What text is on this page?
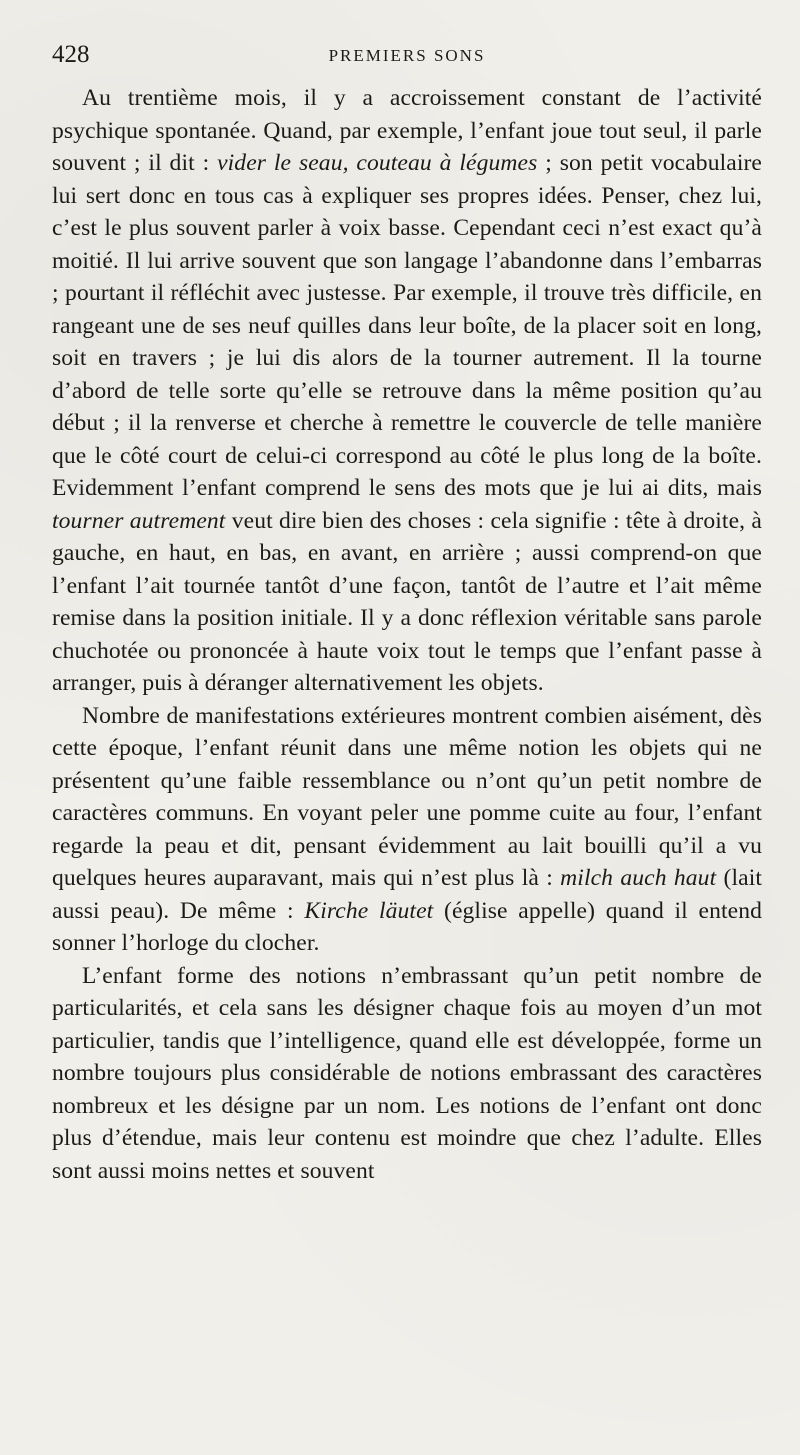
428	PREMIERS SONS

Au trentième mois, il y a accroissement constant de l’activité psychique spontanée. Quand, par exemple, l’enfant joue tout seul, il parle souvent ; il dit : vider le seau, couteau à légumes ; son petit vocabulaire lui sert donc en tous cas à expliquer ses propres idées. Penser, chez lui, c’est le plus souvent parler à voix basse. Cependant ceci n’est exact qu’à moitié. Il lui arrive souvent que son langage l’abandonne dans l’embarras ; pourtant il réfléchit avec justesse. Par exemple, il trouve très difficile, en rangeant une de ses neuf quilles dans leur boîte, de la placer soit en long, soit en travers ; je lui dis alors de la tourner autrement. Il la tourne d’abord de telle sorte qu’elle se retrouve dans la même position qu’au début ; il la renverse et cherche à remettre le couvercle de telle manière que le côté court de celui-ci correspond au côté le plus long de la boîte. Evidemment l’enfant comprend le sens des mots que je lui ai dits, mais tourner autrement veut dire bien des choses : cela signifie : tête à droite, à gauche, en haut, en bas, en avant, en arrière ; aussi comprend-on que l’enfant l’ait tournée tantôt d’une façon, tantôt de l’autre et l’ait même remise dans la position initiale. Il y a donc réflexion véritable sans parole chuchotée ou prononcée à haute voix tout le temps que l’enfant passe à arranger, puis à déranger alternativement les objets.

Nombre de manifestations extérieures montrent combien aisément, dès cette époque, l’enfant réunit dans une même notion les objets qui ne présentent qu’une faible ressemblance ou n’ont qu’un petit nombre de caractères communs. En voyant peler une pomme cuite au four, l’enfant regarde la peau et dit, pensant évidemment au lait bouilli qu’il a vu quelques heures auparavant, mais qui n’est plus là : milch auch haut (lait aussi peau). De même : Kirche läutet (église appelle) quand il entend sonner l’horloge du clocher.

L’enfant forme des notions n’embrassant qu’un petit nombre de particularités, et cela sans les désigner chaque fois au moyen d’un mot particulier, tandis que l’intelligence, quand elle est développée, forme un nombre toujours plus considérable de notions embrassant des caractères nombreux et les désigne par un nom. Les notions de l’enfant ont donc plus d’étendue, mais leur contenu est moindre que chez l’adulte. Elles sont aussi moins nettes et souvent
